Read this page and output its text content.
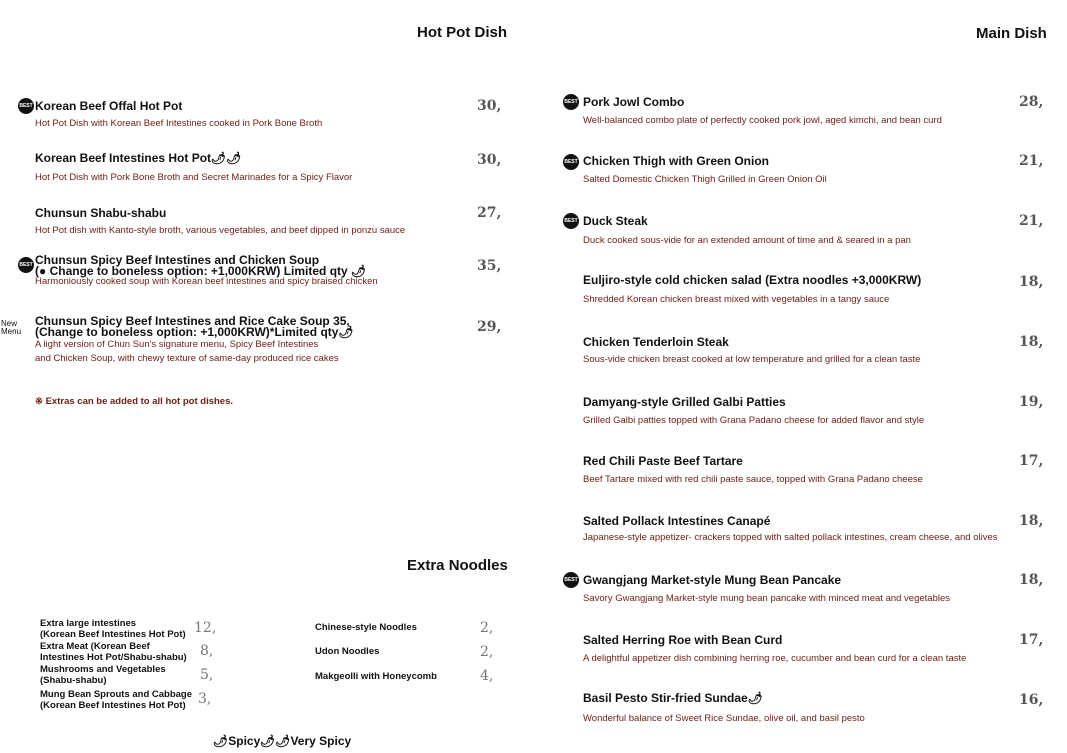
Hot Pot Dish
BEST Korean Beef Offal Hot Pot
Hot Pot Dish with Korean Beef Intestines cooked in Pork Bone Broth
30,
Korean Beef Intestines Hot Pot🌶🌶
Hot Pot Dish with Pork Bone Broth and Secret Marinades for a Spicy Flavor
30,
Chunsun Shabu-shabu
Hot Pot dish with Kanto-style broth, various vegetables, and beef dipped in ponzu sauce
27,
BEST Chunsun Spicy Beef Intestines and Chicken Soup
(● Change to boneless option: +1,000KRW) Limited qty 🌶
Harmoniously cooked soup with Korean beef intestines and spicy braised chicken
35,
New
Menu
Chunsun Spicy Beef Intestines and Rice Cake Soup 35,
(Change to boneless option: +1,000KRW)*Limited qty🌶
A light version of Chun Sun's signature menu, Spicy Beef Intestines
and Chicken Soup, with chewy texture of same-day produced rice cakes
29,
※ Extras can be added to all hot pot dishes.
Extra Noodles
Extra large intestines
(Korean Beef Intestines Hot Pot) 12,
Extra Meat (Korean Beef
Intestines Hot Pot/Shabu-shabu) 8,
Mushrooms and Vegetables
(Shabu-shabu)	5,
Mung Bean Sprouts and Cabbage
(Korean Beef Intestines Hot Pot) 3,
Chinese-style Noodles	2,
Udon Noodles	2,
Makgeolli with Honeycomb	4,
🌶Spicy 🌶🌶Very Spicy
Main Dish
BEST Pork Jowl Combo
Well-balanced combo plate of perfectly cooked pork jowl, aged kimchi, and bean curd
28,
BEST Chicken Thigh with Green Onion
Salted Domestic Chicken Thigh Grilled in Green Onion Oil
21,
BEST Duck Steak
Duck cooked sous-vide for an extended amount of time and & seared in a pan
21,
Euljiro-style cold chicken salad (Extra noodles +3,000KRW)
Shredded Korean chicken breast mixed with vegetables in a tangy sauce
18,
Chicken Tenderloin Steak
Sous-vide chicken breast cooked at low temperature and grilled for a clean taste
18,
Damyang-style Grilled Galbi Patties
Grilled Galbi patties topped with Grana Padano cheese for added flavor and style
19,
Red Chili Paste Beef Tartare
Beef Tartare mixed with red chili paste sauce, topped with Grana Padano cheese
17,
Salted Pollack Intestines Canapé
Japanese-style appetizer- crackers topped with salted pollack intestines, cream cheese, and olives
18,
BEST Gwangjang Market-style Mung Bean Pancake
Savory Gwangjang Market-style mung bean pancake with minced meat and vegetables
18,
Salted Herring Roe with Bean Curd
A delightful appetizer dish combining herring roe, cucumber and bean curd for a clean taste
17,
Basil Pesto Stir-fried Sundae🌶
Wonderful balance of Sweet Rice Sundae, olive oil, and basil pesto
16,
